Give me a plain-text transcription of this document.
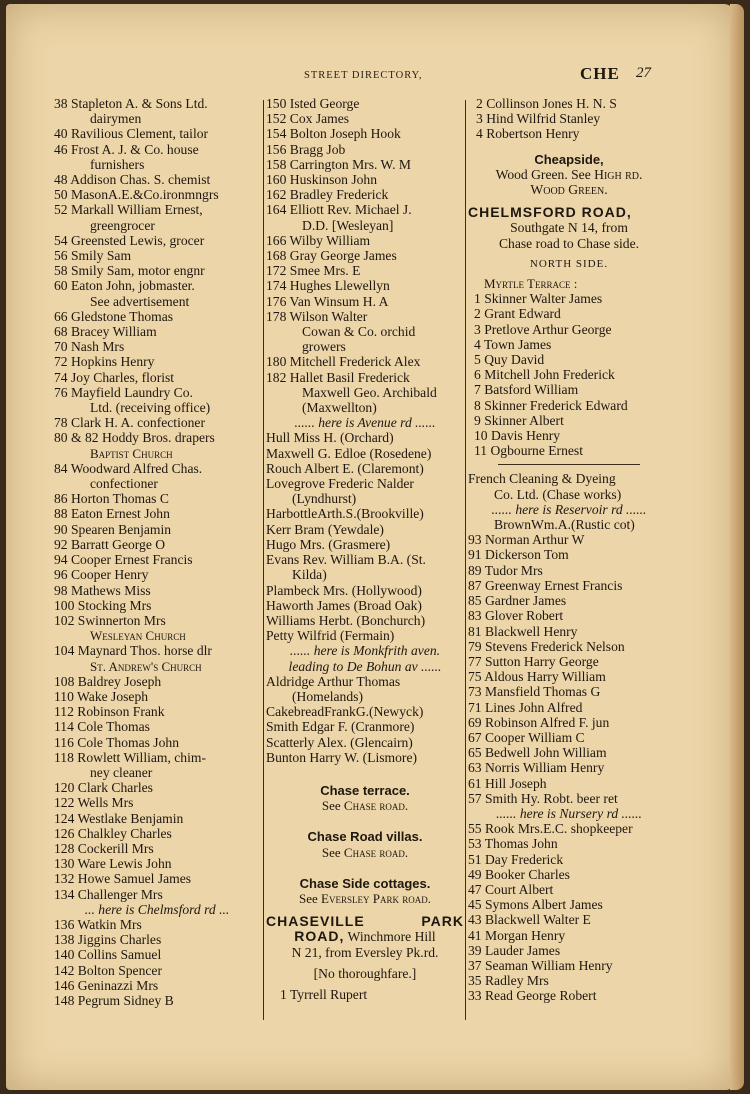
STREET DIRECTORY,	CHE 27
38 Stapleton A. & Sons Ltd.
dairymen
40 Ravilious Clement, tailor
46 Frost A. J. & Co. house
furnishers
48 Addison Chas. S. chemist
50 MasonA.E.&Co.ironmngrs
52 Markall William Ernest,
greengrocer
54 Greensted Lewis, grocer
56 Smily Sam
58 Smily Sam, motor engnr
60 Eaton John, jobmaster.
See advertisement
66 Gledstone Thomas
68 Bracey William
70 Nash Mrs
72 Hopkins Henry
74 Joy Charles, florist
76 Mayfield Laundry Co.
Ltd. (receiving office)
78 Clark H. A. confectioner
80 & 82 Hoddy Bros. drapers
Baptist Church
84 Woodward Alfred Chas.
confectioner
86 Horton Thomas C
88 Eaton Ernest John
90 Spearen Benjamin
92 Barratt George O
94 Cooper Ernest Francis
96 Cooper Henry
98 Mathews Miss
100 Stocking Mrs
102 Swinnerton Mrs
Wesleyan Church
104 Maynard Thos. horse dlr
St. Andrew's Church
108 Baldrey Joseph
110 Wake Joseph
112 Robinson Frank
114 Cole Thomas
116 Cole Thomas John
118 Rowlett William, chim-
ney cleaner
120 Clark Charles
122 Wells Mrs
124 Westlake Benjamin
126 Chalkley Charles
128 Cockerill Mrs
130 Ware Lewis John
132 Howe Samuel James
134 Challenger Mrs
... here is Chelmsford rd ...
136 Watkin Mrs
138 Jiggins Charles
140 Collins Samuel
142 Bolton Spencer
146 Geninazzi Mrs
148 Pegrum Sidney B
150 Isted George
152 Cox James
154 Bolton Joseph Hook
156 Bragg Job
158 Carrington Mrs. W. M
160 Huskinson John
162 Bradley Frederick
164 Elliott Rev. Michael J.
D.D. [Wesleyan]
166 Wilby William
168 Gray George James
172 Smee Mrs. E
174 Hughes Llewellyn
176 Van Winsum H. A
178 Wilson Walter
Cowan & Co. orchid
growers
180 Mitchell Frederick Alex
182 Hallet Basil Frederick
Maxwell Geo. Archibald
(Maxwellton)
...... here is Avenue rd ......
Hull Miss H. (Orchard)
Maxwell G. Edloe (Rosedene)
Rouch Albert E. (Claremont)
Lovegrove Frederic Nalder
(Lyndhurst)
HarbottleArth.S.(Brookville)
Kerr Bram (Yewdale)
Hugo Mrs. (Grasmere)
Evans Rev. William B.A. (St.
Kilda)
Plambeck Mrs. (Hollywood)
Haworth James (Broad Oak)
Williams Herbt. (Bonchurch)
Petty Wilfrid (Fermain)
...... here is Monkfrith aven.
leading to De Bohun av ......
Aldridge Arthur Thomas
(Homelands)
CakebreadFrankG.(Newyck)
Smith Edgar F. (Cranmore)
Scatterly Alex. (Glencairn)
Bunton Harry W. (Lismore)
Chase terrace.
See Chase road.
Chase Road villas.
See Chase road.
Chase Side cottages.
See Eversley Park road.
CHASEVILLE PARK
ROAD, Winchmore Hill
N 21, from Eversley Pk.rd.
[No thoroughfare.]
1 Tyrrell Rupert
2 Collinson Jones H. N. S
3 Hind Wilfrid Stanley
4 Robertson Henry
Cheapside,
Wood Green. See High rd.
Wood Green.
CHELMSFORD ROAD,
Southgate N 14, from
Chase road to Chase side.
NORTH SIDE.
Myrtle Terrace :
1 Skinner Walter James
2 Grant Edward
3 Pretlove Arthur George
4 Town James
5 Quy David
6 Mitchell John Frederick
7 Batsford William
8 Skinner Frederick Edward
9 Skinner Albert
10 Davis Henry
11 Ogbourne Ernest
French Cleaning & Dyeing
Co. Ltd. (Chase works)
...... here is Reservoir rd ......
BrownWm.A.(Rustic cot)
93 Norman Arthur W
91 Dickerson Tom
89 Tudor Mrs
87 Greenway Ernest Francis
85 Gardner James
83 Glover Robert
81 Blackwell Henry
79 Stevens Frederick Nelson
77 Sutton Harry George
75 Aldous Harry William
73 Mansfield Thomas G
71 Lines John Alfred
69 Robinson Alfred F. jun
67 Cooper William C
65 Bedwell John William
63 Norris William Henry
61 Hill Joseph
57 Smith Hy. Robt. beer ret
...... here is Nursery rd ......
55 Rook Mrs.E.C. shopkeeper
53 Thomas John
51 Day Frederick
49 Booker Charles
47 Court Albert
45 Symons Albert James
43 Blackwell Walter E
41 Morgan Henry
39 Lauder James
37 Seaman William Henry
35 Radley Mrs
33 Read George Robert
